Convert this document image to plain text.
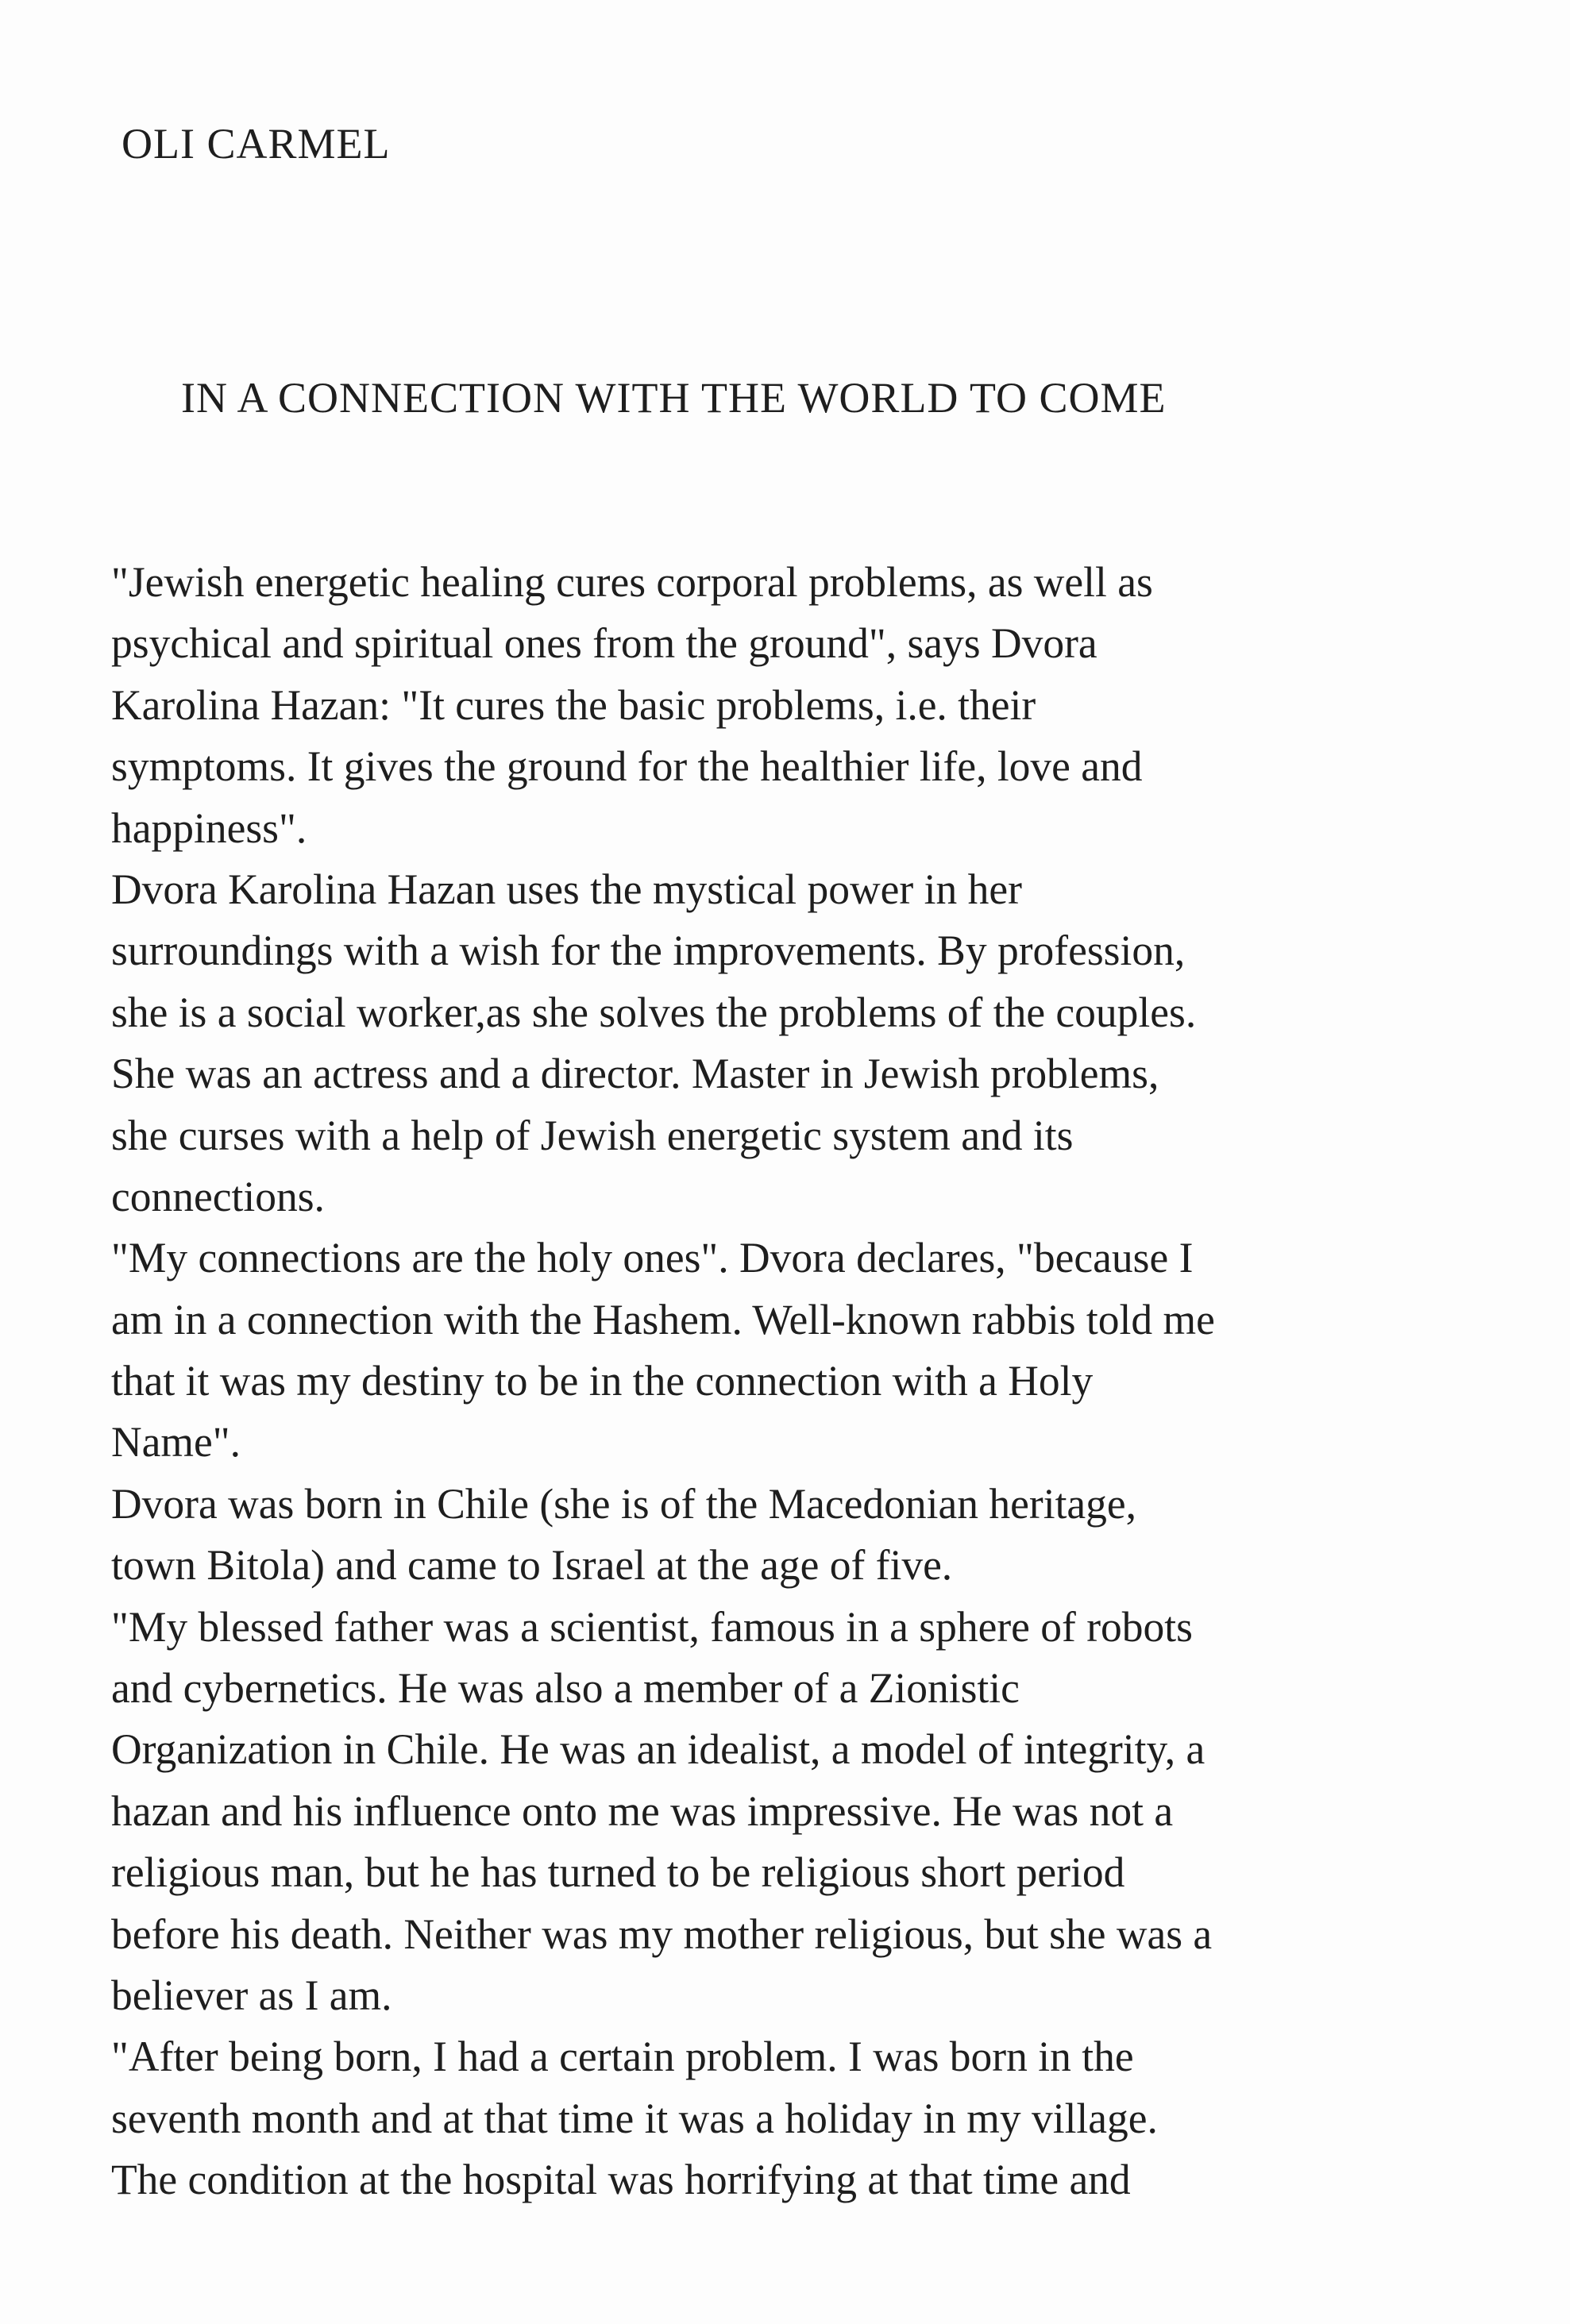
OLI CARMEL
IN A CONNECTION WITH THE WORLD TO COME
"Jewish energetic healing cures corporal problems, as well as
psychical and spiritual ones from the ground", says Dvora
Karolina Hazan: "It cures the basic problems, i.e. their
symptoms. It gives the ground for the healthier life, love and
happiness".
Dvora Karolina Hazan uses the mystical power in her
surroundings with a wish for the improvements. By profession,
she is a social worker,as she solves the problems of the couples.
She was an actress and a director. Master in Jewish problems,
she curses with a help of Jewish energetic system and its
connections.
"My connections are the holy ones". Dvora declares, "because I
am in a connection with the Hashem. Well-known rabbis told me
that it was my destiny to be in the connection with a Holy
Name".
Dvora was born in Chile (she is of the Macedonian heritage,
town Bitola) and came to Israel at the age of five.
"My blessed father was a scientist, famous in a sphere of robots
and cybernetics. He was also a member of a Zionistic
Organization in Chile. He was an idealist, a model of integrity, a
hazan and his influence onto me was impressive. He was not a
religious man, but he has turned to be religious short period
before his death. Neither was my mother religious, but she was a
believer as I am.
"After being born, I had a certain problem. I was born in the
seventh month and at that time it was a holiday in my village.
The condition at the hospital was horrifying at that time and
